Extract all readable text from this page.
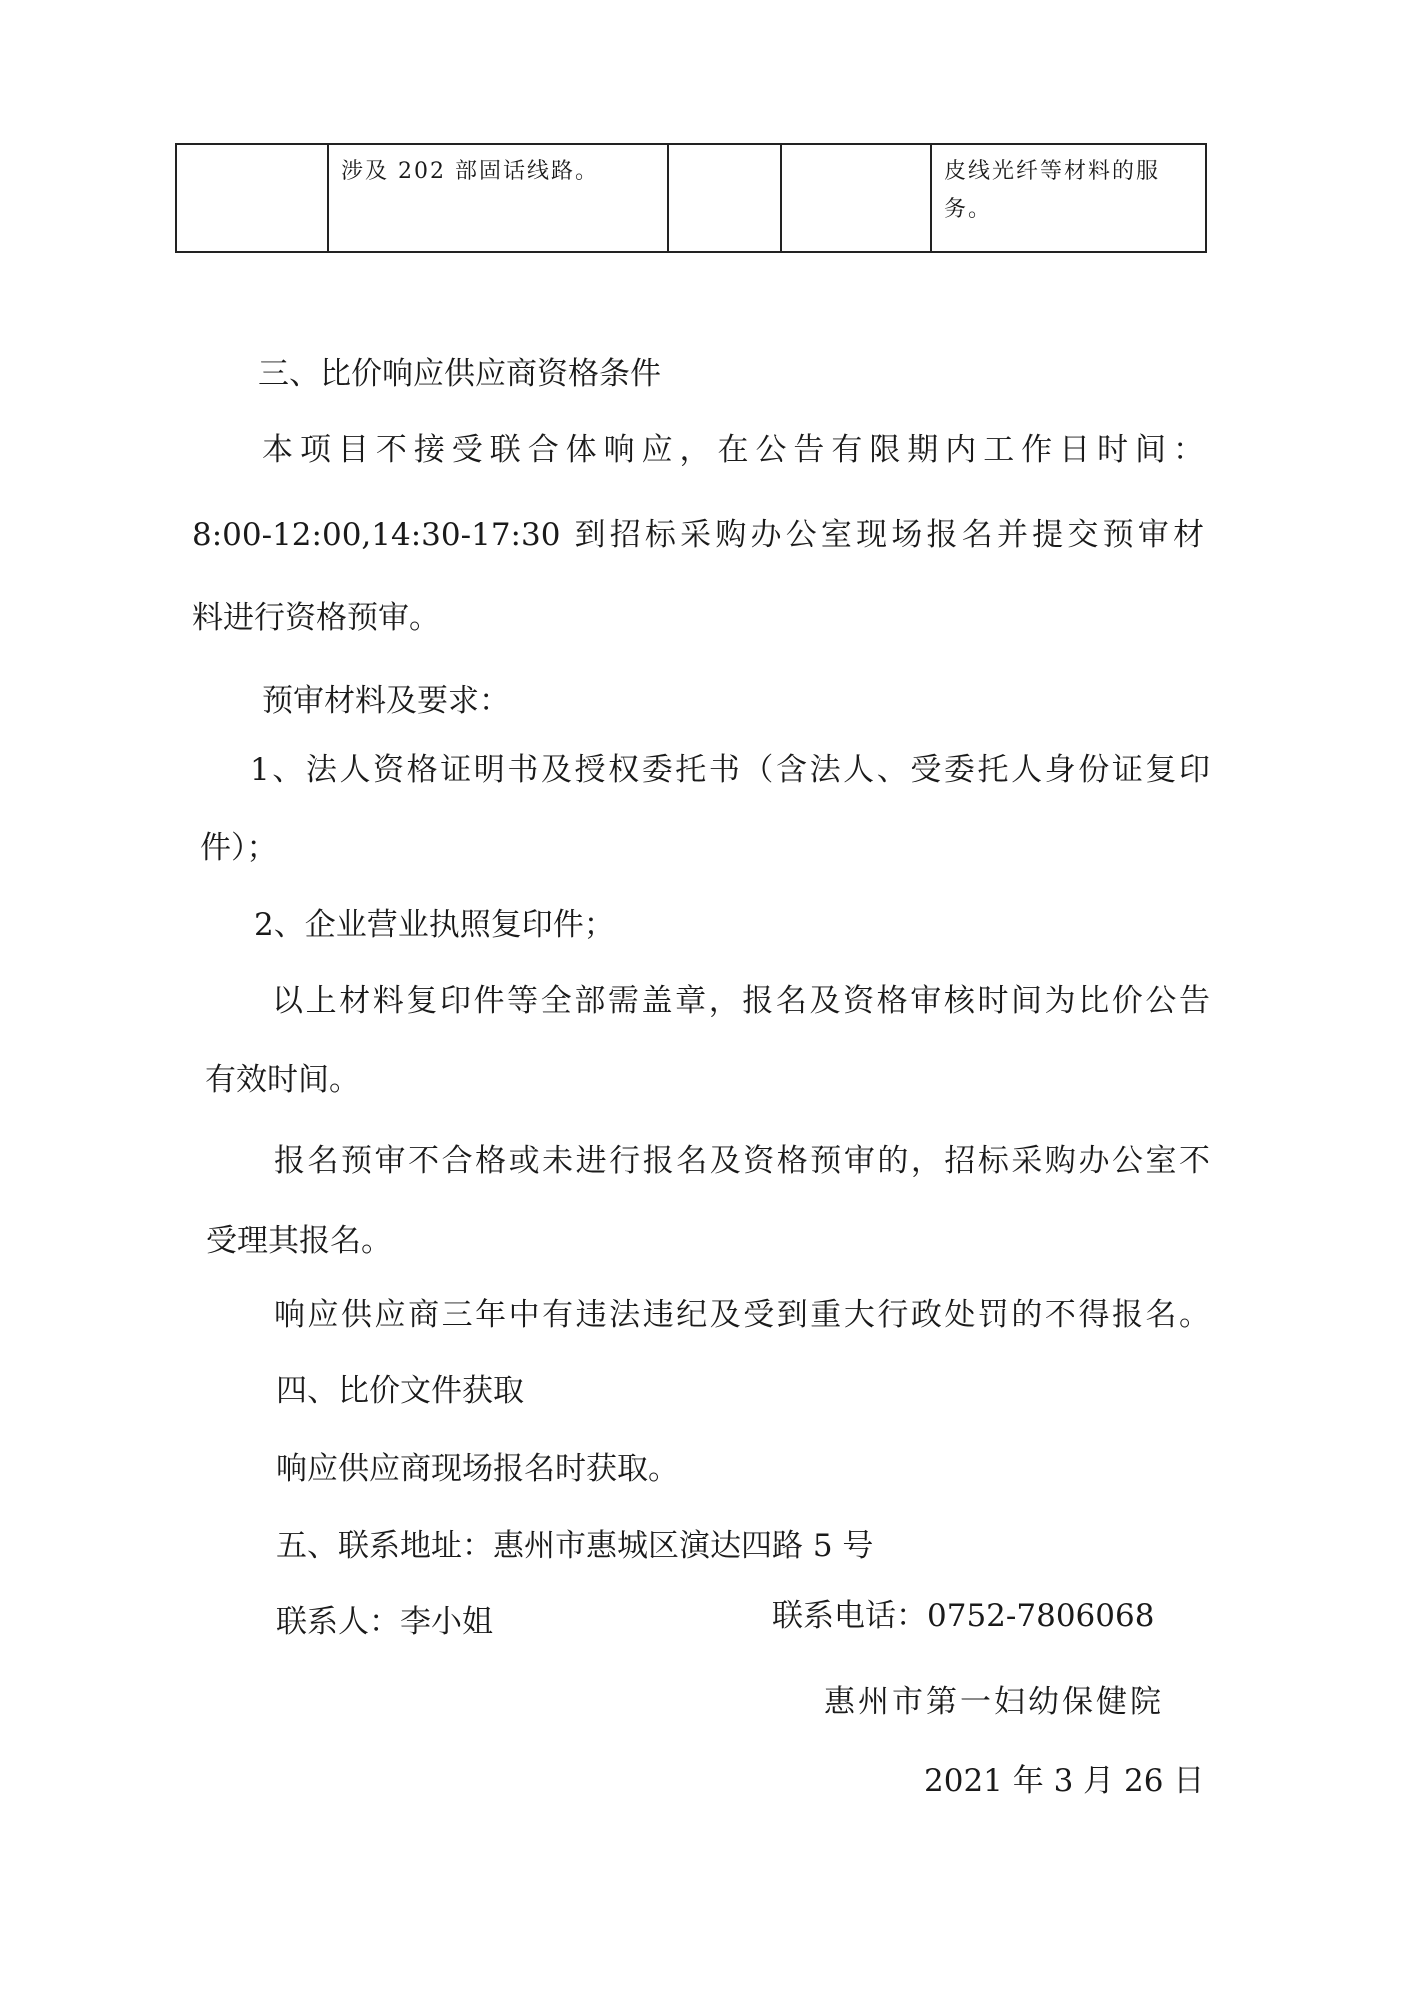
	涉及 202 部固话线路。			皮线光纤等材料的服务。
三、比价响应供应商资格条件
本项目不接受联合体响应，在公告有限期内工作日时间：
8:00-12:00,14:30-17:30 到招标采购办公室现场报名并提交预审材
料进行资格预审。
预审材料及要求：
1、法人资格证明书及授权委托书（含法人、受委托人身份证复印
件）；
2、企业营业执照复印件；
以上材料复印件等全部需盖章，报名及资格审核时间为比价公告
有效时间。
报名预审不合格或未进行报名及资格预审的，招标采购办公室不
受理其报名。
响应供应商三年中有违法违纪及受到重大行政处罚的不得报名。
四、比价文件获取
响应供应商现场报名时获取。
五、联系地址：惠州市惠城区演达四路 5 号
联系人：李小姐	联系电话：0752-7806068
惠州市第一妇幼保健院
2021 年 3 月 26 日
